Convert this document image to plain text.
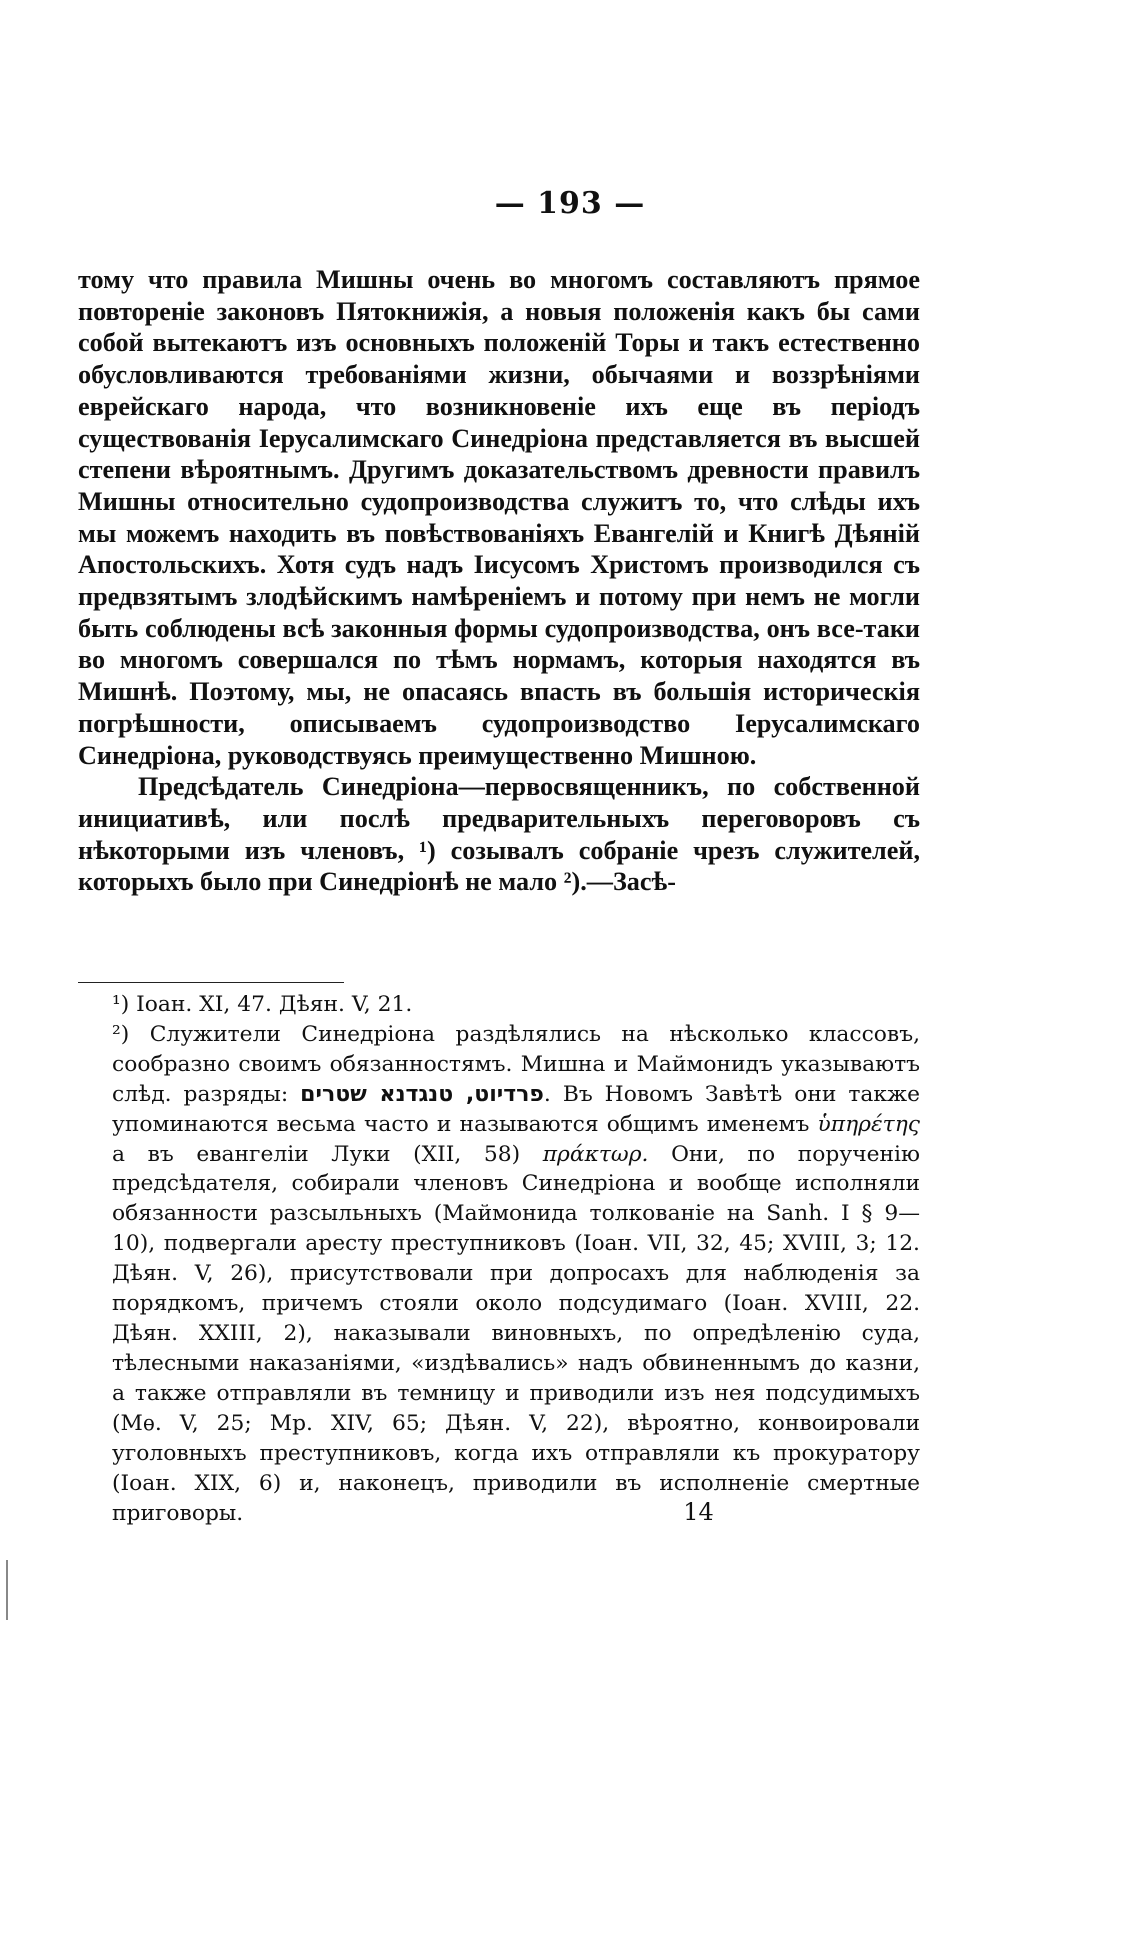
— 193 —

тому что правила Мишны очень во многомъ составляютъ прямое повторенiе законовъ Пятокнижiя, а новыя положенiя какъ бы сами собой вытекаютъ изъ основныхъ положенiй Торы и такъ естественно обусловливаются требованiями жизни, обычаями и воззрѣнiями еврейскаго народа, что возникновенiе ихъ еще въ перiодъ существованiя Iерусалимскаго Синедрiона представляется въ высшей степени вѣроятнымъ. Другимъ доказательствомъ древности правилъ Мишны относительно судопроизводства служитъ то, что слѣды ихъ мы можемъ находить въ повѣствованiяхъ Евангелiй и Книгѣ Дѣянiй Апостольскихъ. Хотя судъ надъ Iисусомъ Христомъ производился съ предвзятымъ злодѣйскимъ намѣренiемъ и потому при немъ не могли быть соблюдены всѣ законныя формы судопроизводства, онъ все-таки во многомъ совершался по тѣмъ нормамъ, которыя находятся въ Мишнѣ. Поэтому, мы, не опасаясь впасть въ большiя историческiя погрѣшности, описываемъ судопроизводство Iерусалимскаго Синедрiона, руководствуясь преимущественно Мишною.

Предсѣдатель Синедрiона—первосвященникъ, по собственной инициативѣ, или послѣ предварительныхъ переговоровъ съ нѣкоторыми изъ членовъ, ¹) созывалъ собранiе чрезъ служителей, которыхъ было при Синедрiонѣ не мало ²).—Засѣ-

¹) Іоан. XI, 47. Дѣян. V, 21.

²) Служители Синедрiона раздѣлялись на нѣсколько классовъ, сообразно своимъ обязанностямъ. Мишна и Маймонидъ указываютъ слѣд. разряды: פרדיוט, טנגדנא שטרים. Въ Новомъ Завѣтѣ они также упоминаются весьма часто и называются общимъ именемъ ὑπηρέτης а въ евангелiи Луки (XII, 58) πράκτωρ. Они, по порученiю предсѣдателя, собирали членовъ Синедрiона и вообще исполняли обязанности разсыльныхъ (Маймонида толкованiе на Sanh. I § 9—10), подвергали аресту преступниковъ (Іоан. VII, 32, 45; XVIII, 3; 12. Дѣян. V, 26), присутствовали при допросахъ для наблюденiя за порядкомъ, причемъ стояли около подсудимаго (Іоан. XVIII, 22. Дѣян. XXIII, 2), наказывали виновныхъ, по опредѣленiю суда, тѣлесными наказанiями, «издѣвались» надъ обвиненнымъ до казни, а также отправляли въ темницу и приводили изъ нея подсудимыхъ (Мѳ. V, 25; Мр. XIV, 65; Дѣян. V, 22), вѣроятно, конвоировали уголовныхъ преступниковъ, когда ихъ отправляли къ прокуратору (Іоан. XIX, 6) и, наконецъ, приводили въ исполненiе смертные приговоры.	14
